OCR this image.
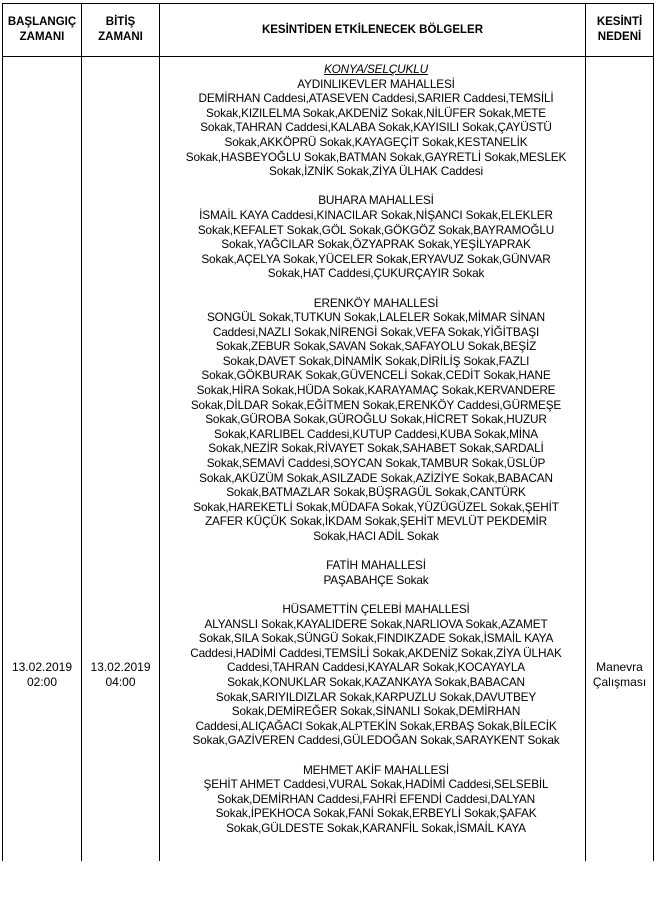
BAŞLANGIÇ
ZAMANI
BİTİŞ
ZAMANI
KESİNTİDEN ETKİLENECEK BÖLGELER
KESİNTİ
NEDENİ
13.02.2019
02:00
13.02.2019
04:00
Manevra
Çalışması
KONYA/SELÇUKLU
AYDINLIKEVLER MAHALLESİ
DEMİRHAN Caddesi,ATASEVEN Caddesi,SARIER Caddesi,TEMSİLİ
Sokak,KIZILELMA Sokak,AKDENİZ Sokak,NİLÜFER Sokak,METE
Sokak,TAHRAN Caddesi,KALABA Sokak,KAYISILI Sokak,ÇAYÜSTÜ
Sokak,AKKÖPRÜ Sokak,KAYAGEÇİT Sokak,KESTANELİK
Sokak,HASBEYOĞLU Sokak,BATMAN Sokak,GAYRETLİ Sokak,MESLEK
Sokak,İZNİK Sokak,ZİYA ÜLHAK Caddesi
BUHARA MAHALLESİ
İSMAİL KAYA Caddesi,KINACILAR Sokak,NİŞANCI Sokak,ELEKLER
Sokak,KEFALET Sokak,GÖL Sokak,GÖKGÖZ Sokak,BAYRAMOĞLU
Sokak,YAĞCILAR Sokak,ÖZYAPRAK Sokak,YEŞİLYAPRAK
Sokak,AÇELYA Sokak,YÜCELER Sokak,ERYAVUZ Sokak,GÜNVAR
Sokak,HAT Caddesi,ÇUKURÇAYIR Sokak
ERENKÖY MAHALLESİ
SONGÜL Sokak,TUTKUN Sokak,LALELER Sokak,MİMAR SİNAN
Caddesi,NAZLI Sokak,NİRENGİ Sokak,VEFA Sokak,YİĞİTBAŞI
Sokak,ZEBUR Sokak,SAVAN Sokak,SAFAYOLU Sokak,BEŞİZ
Sokak,DAVET Sokak,DİNAMİK Sokak,DİRİLİŞ Sokak,FAZLI
Sokak,GÖKBURAK Sokak,GÜVENCELİ Sokak,CEDİT Sokak,HANE
Sokak,HİRA Sokak,HÜDA Sokak,KARAYAMAÇ Sokak,KERVANDERE
Sokak,DİLDAR Sokak,EĞİTMEN Sokak,ERENKÖY Caddesi,GÜRMEŞE
Sokak,GÜROBA Sokak,GÜROĞLU Sokak,HİCRET Sokak,HUZUR
Sokak,KARLIBEL Caddesi,KUTUP Caddesi,KUBA Sokak,MİNA
Sokak,NEZİR Sokak,RİVAYET Sokak,SAHABET Sokak,SARDALİ
Sokak,SEMAVİ Caddesi,SOYCAN Sokak,TAMBUR Sokak,ÜSLÜP
Sokak,AKÜZÜM Sokak,ASILZADE Sokak,AZİZİYE Sokak,BABACAN
Sokak,BATMAZLAR Sokak,BÜŞRAGÜL Sokak,CANTÜRK
Sokak,HAREKETLİ Sokak,MÜDAFA Sokak,YÜZÜGÜZEL Sokak,ŞEHİT
ZAFER KÜÇÜK Sokak,İKDAM Sokak,ŞEHİT MEVLÜT PEKDEMİR
Sokak,HACI ADİL Sokak
FATİH MAHALLESİ
PAŞABAHÇE Sokak
HÜSAMETTİN ÇELEBİ MAHALLESİ
ALYANSLI Sokak,KAYALIDERE Sokak,NARLIOVA Sokak,AZAMET
Sokak,SILA Sokak,SÜNGÜ Sokak,FINDIKZADE Sokak,İSMAİL KAYA
Caddesi,HADİMİ Caddesi,TEMSİLİ Sokak,AKDENİZ Sokak,ZİYA ÜLHAK
Caddesi,TAHRAN Caddesi,KAYALAR Sokak,KOCAYAYLA
Sokak,KONUKLAR Sokak,KAZANKAYA Sokak,BABACAN
Sokak,SARIYILDIZLAR Sokak,KARPUZLU Sokak,DAVUTBEY
Sokak,DEMİREĞER Sokak,SİNANLI Sokak,DEMİRHAN
Caddesi,ALIÇAĞACI Sokak,ALPTEKİN Sokak,ERBAŞ Sokak,BİLECİK
Sokak,GAZİVEREN Caddesi,GÜLEDOĞAN Sokak,SARAYKENT Sokak
MEHMET AKİF MAHALLESİ
ŞEHİT AHMET Caddesi,VURAL Sokak,HADİMİ Caddesi,SELSEBİL
Sokak,DEMİRHAN Caddesi,FAHRİ EFENDİ Caddesi,DALYAN
Sokak,İPEKHOCA Sokak,FANİ Sokak,ERBEYLİ Sokak,ŞAFAK
Sokak,GÜLDESTE Sokak,KARANFİL Sokak,İSMAİL KAYA
